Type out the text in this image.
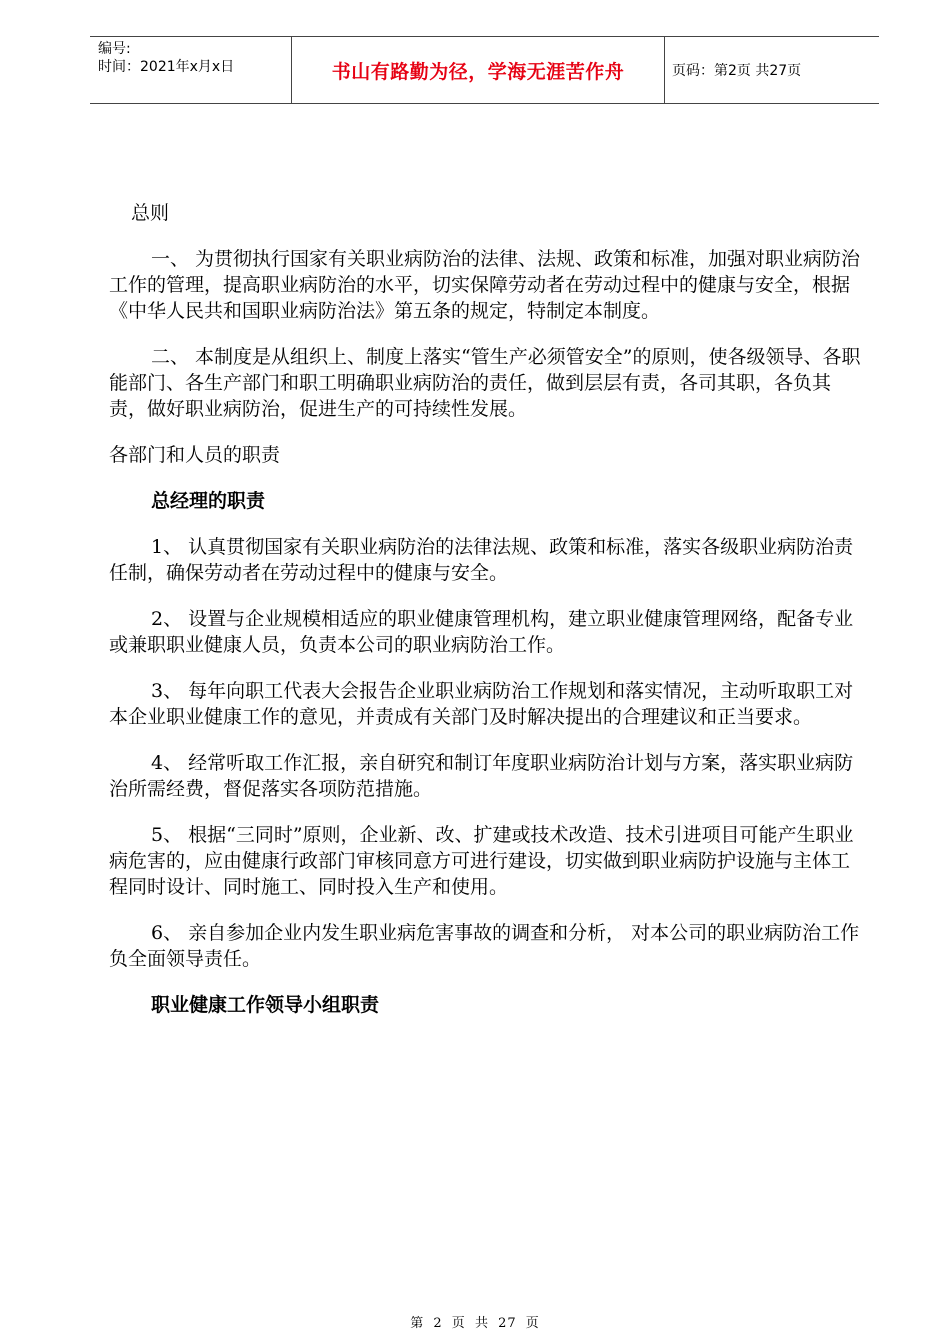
编号:
时间：2021年x月x日	书山有路勤为径，学海无涯苦作舟	页码：第2页 共27页

总则

一、 为贯彻执行国家有关职业病防治的法律、法规、政策和标准，加强对职业病防治工作的管理，提高职业病防治的水平，切实保障劳动者在劳动过程中的健康与安全，根据《中华人民共和国职业病防治法》第五条的规定，特制定本制度。

二、 本制度是从组织上、制度上落实“管生产必须管安全”的原则，使各级领导、各职能部门、各生产部门和职工明确职业病防治的责任，做到层层有责，各司其职，各负其责，做好职业病防治，促进生产的可持续性发展。

各部门和人员的职责

总经理的职责

1、 认真贯彻国家有关职业病防治的法律法规、政策和标准，落实各级职业病防治责任制，确保劳动者在劳动过程中的健康与安全。

2、 设置与企业规模相适应的职业健康管理机构，建立职业健康管理网络，配备专业或兼职职业健康人员，负责本公司的职业病防治工作。

3、 每年向职工代表大会报告企业职业病防治工作规划和落实情况，主动听取职工对本企业职业健康工作的意见，并责成有关部门及时解决提出的合理建议和正当要求。

4、 经常听取工作汇报，亲自研究和制订年度职业病防治计划与方案，落实职业病防治所需经费，督促落实各项防范措施。

5、 根据“三同时”原则，企业新、改、扩建或技术改造、技术引进项目可能产生职业病危害的，应由健康行政部门审核同意方可进行建设，切实做到职业病防护设施与主体工程同时设计、同时施工、同时投入生产和使用。

6、 亲自参加企业内发生职业病危害事故的调查和分析， 对本公司的职业病防治工作负全面领导责任。

职业健康工作领导小组职责

第 2 页 共 27 页
